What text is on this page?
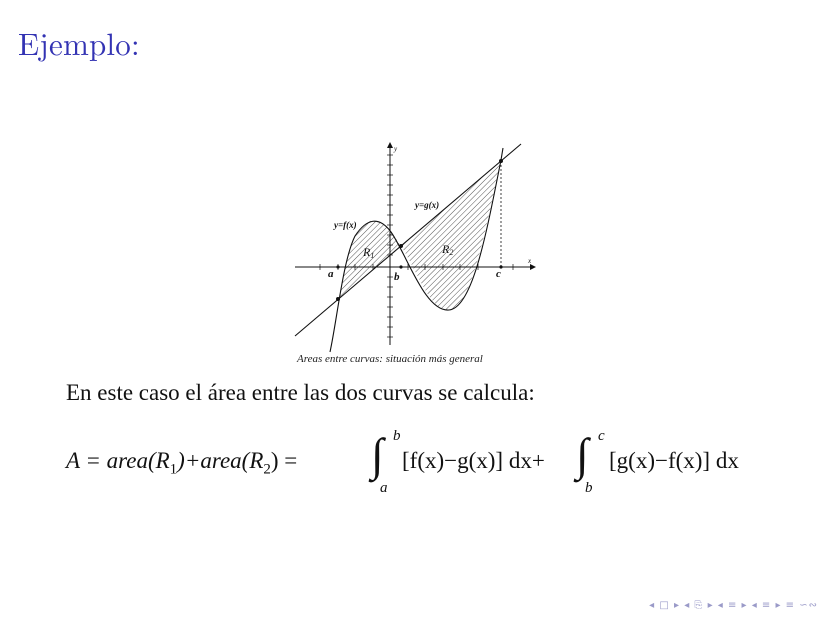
Ejemplo:
y=f(x)
y=g(x)
R1	R2
a	b	c
x
y
Areas entre curvas: situación más general
En este caso el área entre las dos curvas se calcula:
$A = area(R_1)+area(R_2)$ = ∫ b
a
[f(x)−g(x)] dx+ ∫ c
b
[g(x)−f(x)] dx
◂ □ ▸ ◂ ⎘ ▸ ◂ ≡ ▸ ◂ ≡ ▸ ≡ ∽∾
